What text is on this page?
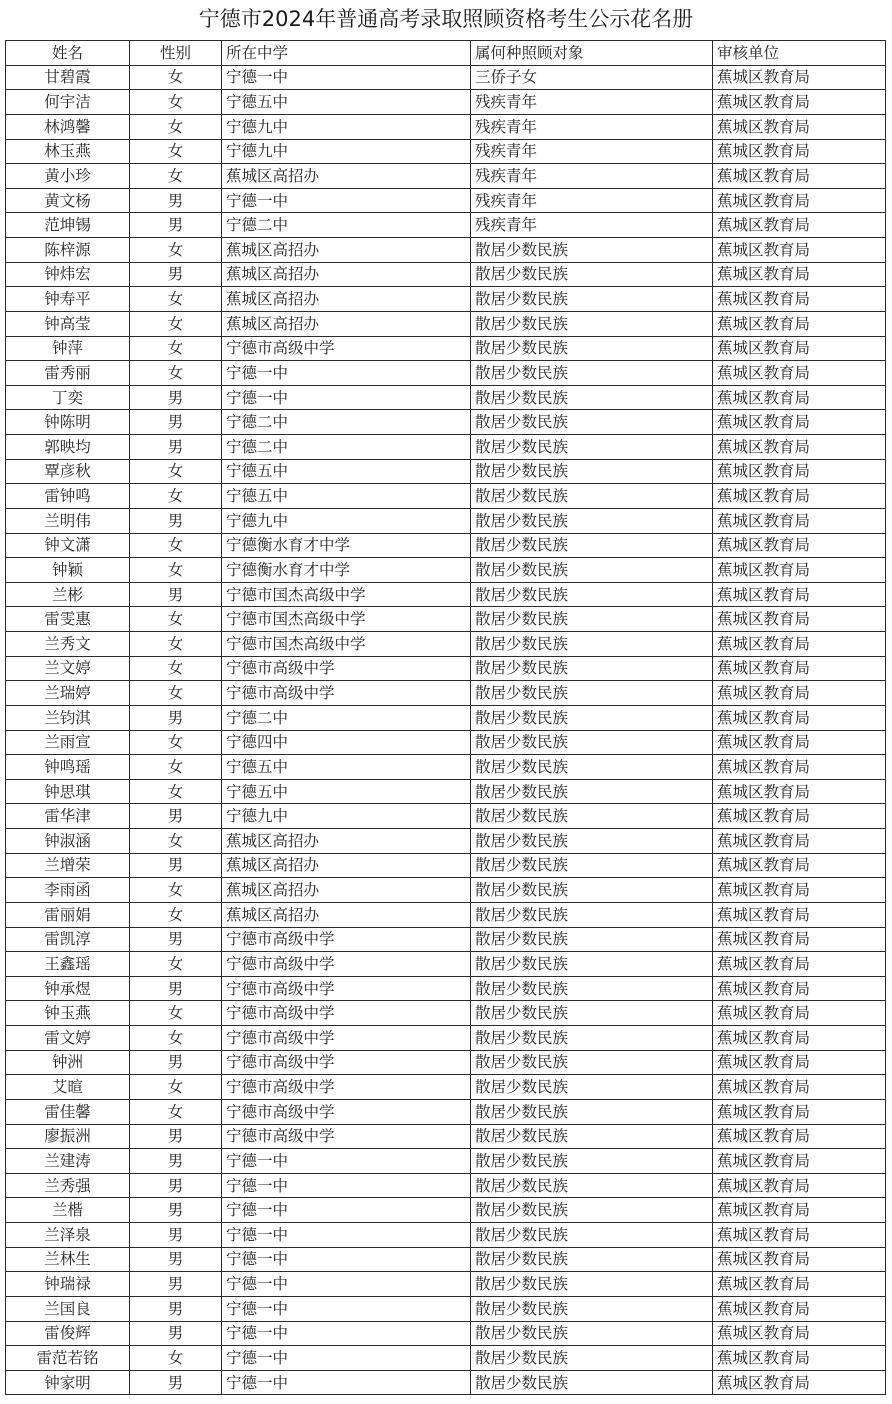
宁德市2024年普通高考录取照顾资格考生公示花名册
姓名	性别	所在中学	属何种照顾对象	审核单位
甘碧霞	女	宁德一中	三侨子女	蕉城区教育局
何宇洁	女	宁德五中	残疾青年	蕉城区教育局
林鸿馨	女	宁德九中	残疾青年	蕉城区教育局
林玉燕	女	宁德九中	残疾青年	蕉城区教育局
黄小珍	女	蕉城区高招办	残疾青年	蕉城区教育局
黄文杨	男	宁德一中	残疾青年	蕉城区教育局
范坤锡	男	宁德二中	残疾青年	蕉城区教育局
陈梓源	女	蕉城区高招办	散居少数民族	蕉城区教育局
钟炜宏	男	蕉城区高招办	散居少数民族	蕉城区教育局
钟寿平	女	蕉城区高招办	散居少数民族	蕉城区教育局
钟高莹	女	蕉城区高招办	散居少数民族	蕉城区教育局
钟萍	女	宁德市高级中学	散居少数民族	蕉城区教育局
雷秀丽	女	宁德一中	散居少数民族	蕉城区教育局
丁奕	男	宁德一中	散居少数民族	蕉城区教育局
钟陈明	男	宁德二中	散居少数民族	蕉城区教育局
郭映均	男	宁德二中	散居少数民族	蕉城区教育局
覃彦秋	女	宁德五中	散居少数民族	蕉城区教育局
雷钟鸣	女	宁德五中	散居少数民族	蕉城区教育局
兰明伟	男	宁德九中	散居少数民族	蕉城区教育局
钟文潇	女	宁德衡水育才中学	散居少数民族	蕉城区教育局
钟颖	女	宁德衡水育才中学	散居少数民族	蕉城区教育局
兰彬	男	宁德市国杰高级中学	散居少数民族	蕉城区教育局
雷雯惠	女	宁德市国杰高级中学	散居少数民族	蕉城区教育局
兰秀文	女	宁德市国杰高级中学	散居少数民族	蕉城区教育局
兰文婷	女	宁德市高级中学	散居少数民族	蕉城区教育局
兰瑞婷	女	宁德市高级中学	散居少数民族	蕉城区教育局
兰钧淇	男	宁德二中	散居少数民族	蕉城区教育局
兰雨宣	女	宁德四中	散居少数民族	蕉城区教育局
钟鸣瑶	女	宁德五中	散居少数民族	蕉城区教育局
钟思琪	女	宁德五中	散居少数民族	蕉城区教育局
雷华津	男	宁德九中	散居少数民族	蕉城区教育局
钟淑涵	女	蕉城区高招办	散居少数民族	蕉城区教育局
兰增荣	男	蕉城区高招办	散居少数民族	蕉城区教育局
李雨函	女	蕉城区高招办	散居少数民族	蕉城区教育局
雷丽娟	女	蕉城区高招办	散居少数民族	蕉城区教育局
雷凯淳	男	宁德市高级中学	散居少数民族	蕉城区教育局
王鑫瑶	女	宁德市高级中学	散居少数民族	蕉城区教育局
钟承煜	男	宁德市高级中学	散居少数民族	蕉城区教育局
钟玉燕	女	宁德市高级中学	散居少数民族	蕉城区教育局
雷文婷	女	宁德市高级中学	散居少数民族	蕉城区教育局
钟洲	男	宁德市高级中学	散居少数民族	蕉城区教育局
艾暄	女	宁德市高级中学	散居少数民族	蕉城区教育局
雷佳馨	女	宁德市高级中学	散居少数民族	蕉城区教育局
廖振洲	男	宁德市高级中学	散居少数民族	蕉城区教育局
兰建涛	男	宁德一中	散居少数民族	蕉城区教育局
兰秀强	男	宁德一中	散居少数民族	蕉城区教育局
兰楷	男	宁德一中	散居少数民族	蕉城区教育局
兰泽泉	男	宁德一中	散居少数民族	蕉城区教育局
兰林生	男	宁德一中	散居少数民族	蕉城区教育局
钟瑞禄	男	宁德一中	散居少数民族	蕉城区教育局
兰国良	男	宁德一中	散居少数民族	蕉城区教育局
雷俊辉	男	宁德一中	散居少数民族	蕉城区教育局
雷范若铭	女	宁德一中	散居少数民族	蕉城区教育局
钟家明	男	宁德一中	散居少数民族	蕉城区教育局
